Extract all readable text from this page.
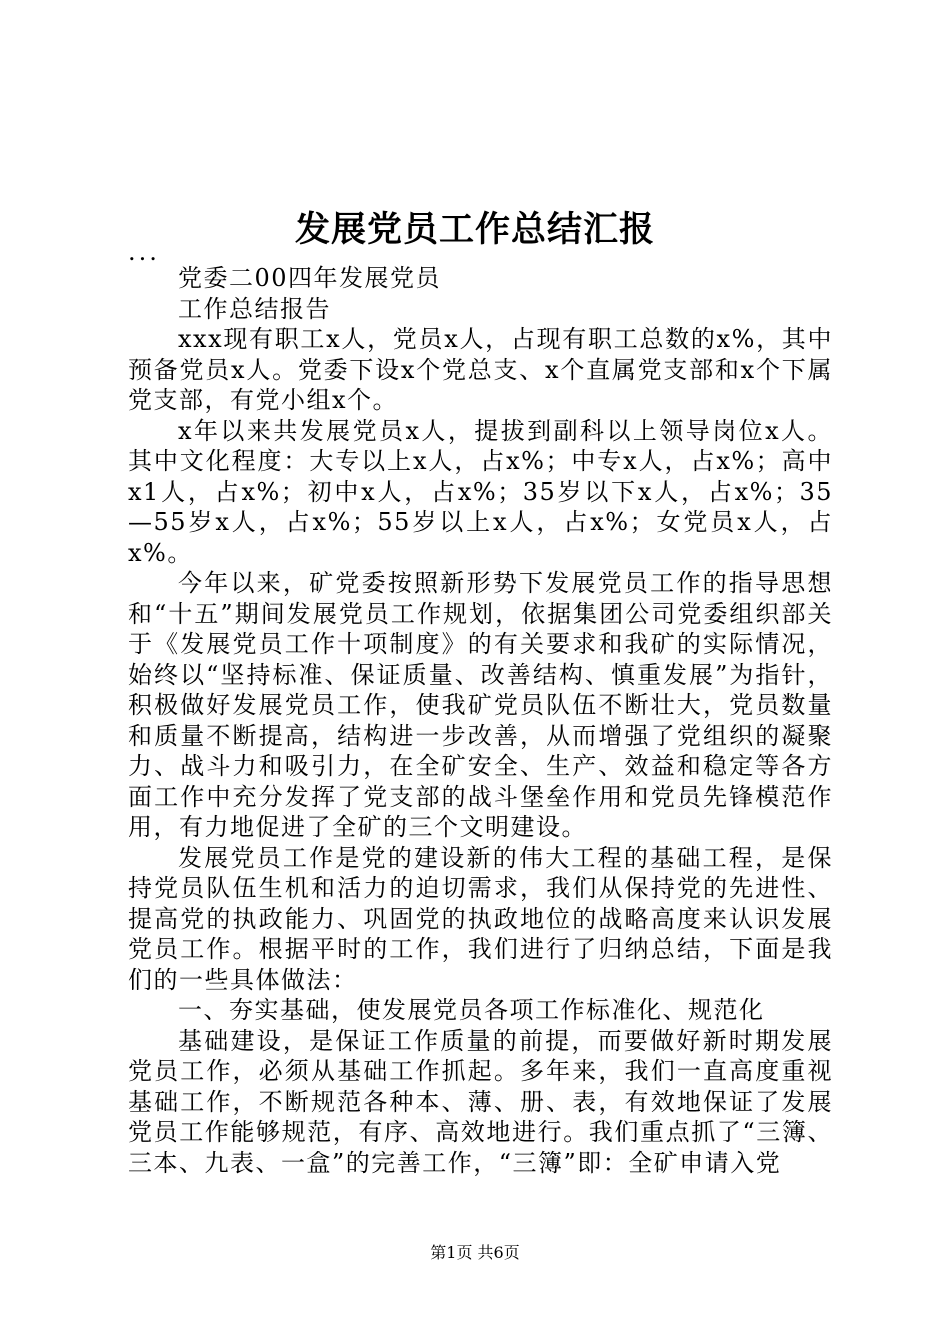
发展党员工作总结汇报

...

党委二00四年发展党员

工作总结报告

xxx现有职工x人，党员x人，占现有职工总数的x%，其中预备党员x人。党委下设x个党总支、x个直属党支部和x个下属党支部，有党小组x个。

x年以来共发展党员x人，提拔到副科以上领导岗位x人。其中文化程度：大专以上x人，占x%；中专x人，占x%；高中x1人，占x%；初中x人，占x%；35岁以下x人，占x%；35—55岁x人，占x%；55岁以上x人，占x%；女党员x人，占x%。

今年以来，矿党委按照新形势下发展党员工作的指导思想和“十五”期间发展党员工作规划，依据集团公司党委组织部关于《发展党员工作十项制度》的有关要求和我矿的实际情况，始终以“坚持标准、保证质量、改善结构、慎重发展”为指针，积极做好发展党员工作，使我矿党员队伍不断壮大，党员数量和质量不断提高，结构进一步改善，从而增强了党组织的凝聚力、战斗力和吸引力，在全矿安全、生产、效益和稳定等各方面工作中充分发挥了党支部的战斗堡垒作用和党员先锋模范作用，有力地促进了全矿的三个文明建设。

发展党员工作是党的建设新的伟大工程的基础工程，是保持党员队伍生机和活力的迫切需求，我们从保持党的先进性、提高党的执政能力、巩固党的执政地位的战略高度来认识发展党员工作。根据平时的工作，我们进行了归纳总结，下面是我们的一些具体做法：

一、夯实基础，使发展党员各项工作标准化、规范化

基础建设，是保证工作质量的前提，而要做好新时期发展党员工作，必须从基础工作抓起。多年来，我们一直高度重视基础工作，不断规范各种本、薄、册、表，有效地保证了发展党员工作能够规范，有序、高效地进行。我们重点抓了“三簿、三本、九表、一盒”的完善工作，“三簿”即：全矿申请入党

第1页 共6页
